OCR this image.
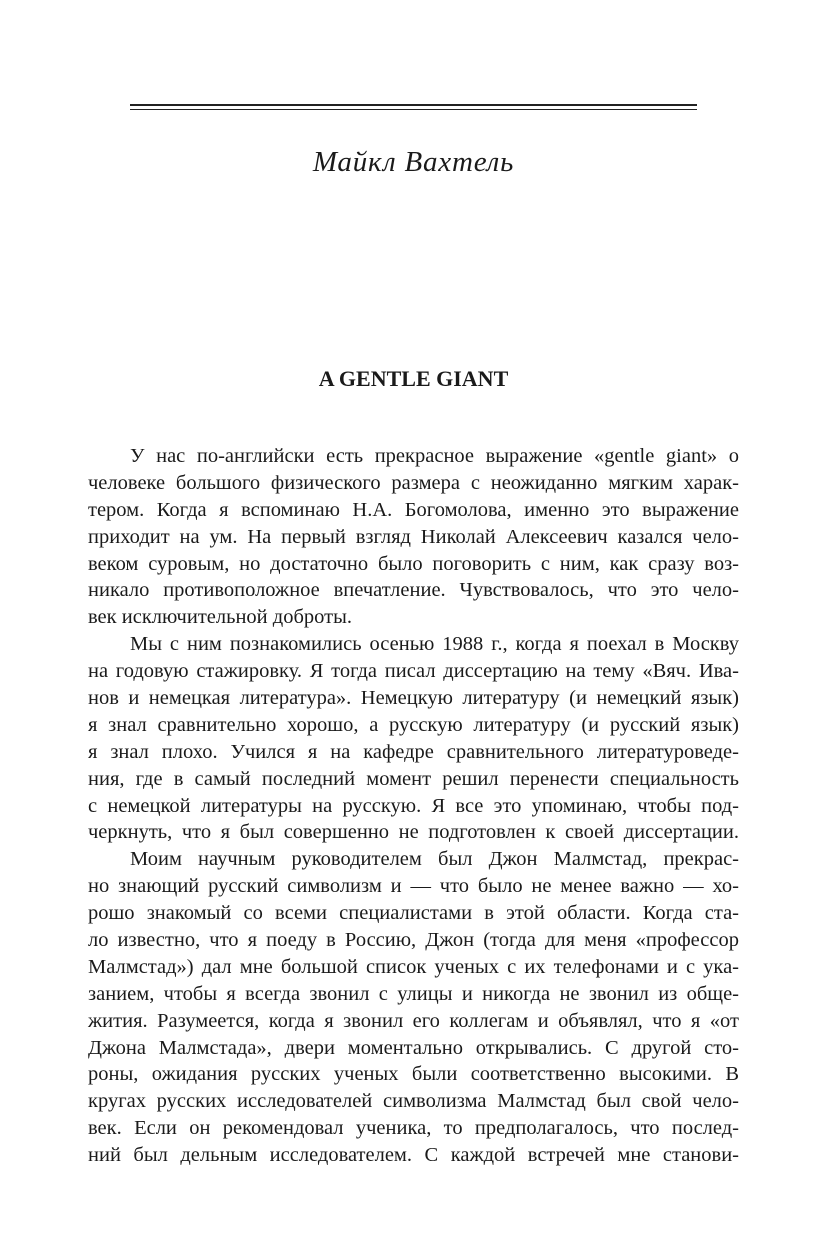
Майкл Вахтель
A GENTLE GIANT
У нас по-английски есть прекрасное выражение «gentle giant» о
человеке большого физического размера с неожиданно мягким харак-
тером. Когда я вспоминаю Н.А. Богомолова, именно это выражение
приходит на ум. На первый взгляд Николай Алексеевич казался чело-
веком суровым, но достаточно было поговорить с ним, как сразу воз-
никало противоположное впечатление. Чувствовалось, что это чело-
век исключительной доброты.
Мы с ним познакомились осенью 1988 г., когда я поехал в Москву
на годовую стажировку. Я тогда писал диссертацию на тему «Вяч. Ива-
нов и немецкая литература». Немецкую литературу (и немецкий язык)
я знал сравнительно хорошо, а русскую литературу (и русский язык)
я знал плохо. Учился я на кафедре сравнительного литературоведе-
ния, где в самый последний момент решил перенести специальность
с немецкой литературы на русскую. Я все это упоминаю, чтобы под-
черкнуть, что я был совершенно не подготовлен к своей диссертации.
Моим научным руководителем был Джон Малмстад, прекрас-
но знающий русский символизм и — что было не менее важно — хо-
рошо знакомый со всеми специалистами в этой области. Когда ста-
ло известно, что я поеду в Россию, Джон (тогда для меня «профессор
Малмстад») дал мне большой список ученых с их телефонами и с ука-
занием, чтобы я всегда звонил с улицы и никогда не звонил из обще-
жития. Разумеется, когда я звонил его коллегам и объявлял, что я «от
Джона Малмстада», двери моментально открывались. С другой сто-
роны, ожидания русских ученых были соответственно высокими. В
кругах русских исследователей символизма Малмстад был свой чело-
век. Если он рекомендовал ученика, то предполагалось, что послед-
ний был дельным исследователем. С каждой встречей мне станови-
